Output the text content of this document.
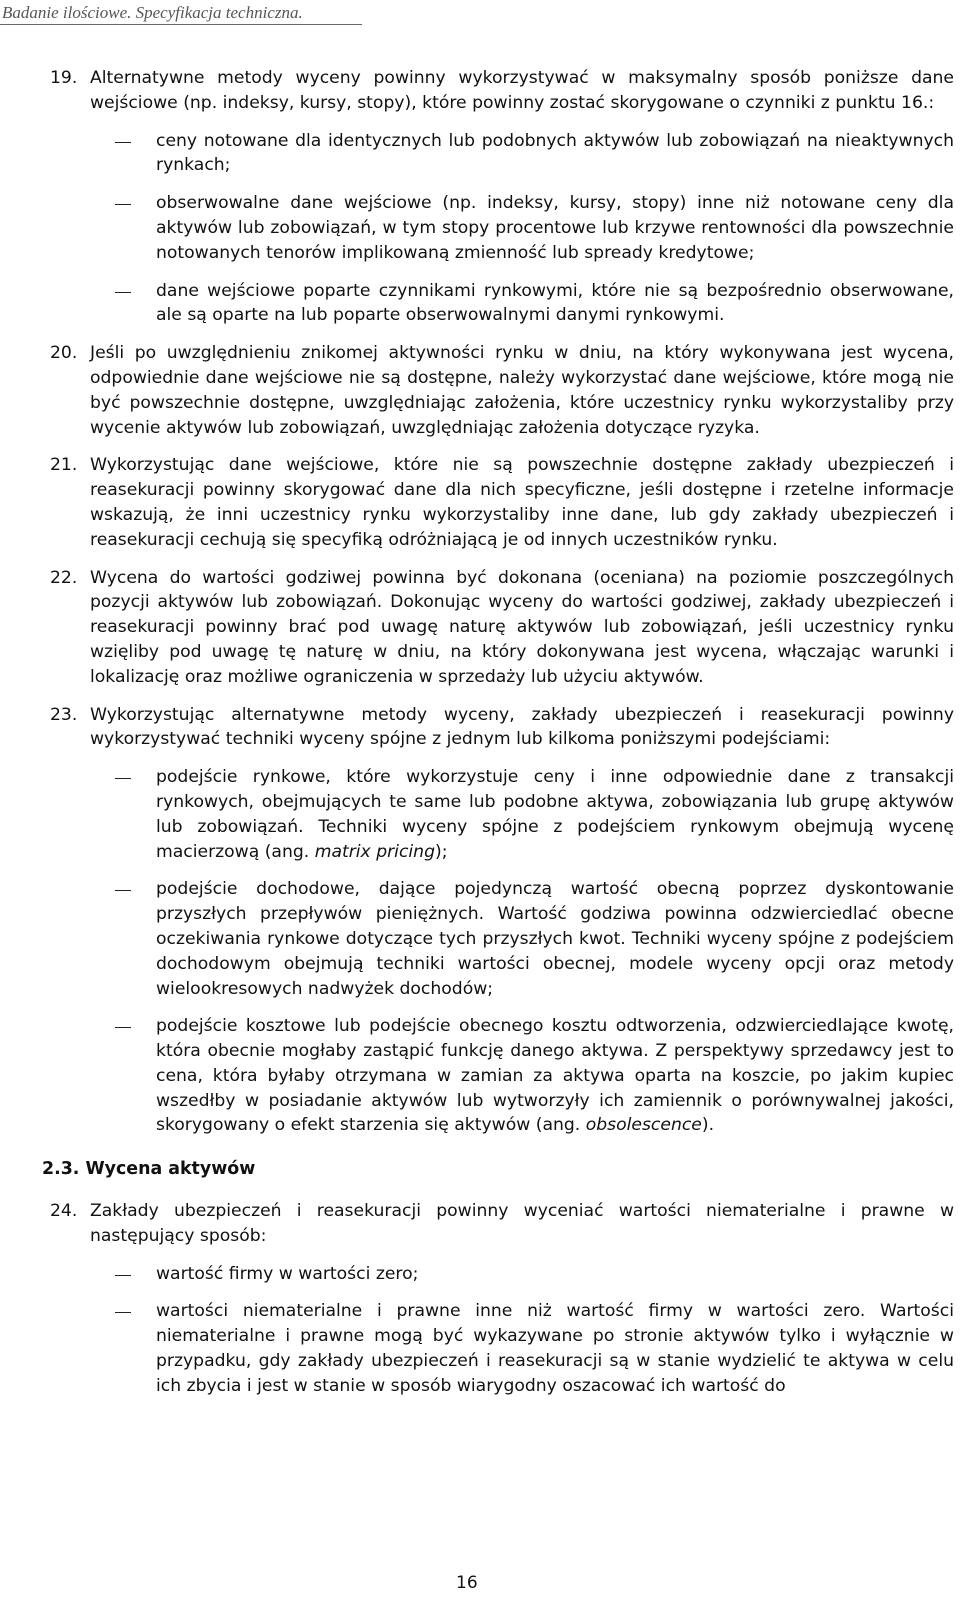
Badanie ilościowe. Specyfikacja techniczna.
19. Alternatywne metody wyceny powinny wykorzystywać w maksymalny sposób poniższe dane wejściowe (np. indeksy, kursy, stopy), które powinny zostać skorygowane o czynniki z punktu 16.:

ceny notowane dla identycznych lub podobnych aktywów lub zobowiązań na nieaktywnych rynkach;
obserwowalne dane wejściowe (np. indeksy, kursy, stopy) inne niż notowane ceny dla aktywów lub zobowiązań, w tym stopy procentowe lub krzywe rentowności dla powszechnie notowanych tenorów implikowaną zmienność lub spready kredytowe;
dane wejściowe poparte czynnikami rynkowymi, które nie są bezpośrednio obserwowane, ale są oparte na lub poparte obserwowalnymi danymi rynkowymi.
20. Jeśli po uwzględnieniu znikomej aktywności rynku w dniu, na który wykonywana jest wycena, odpowiednie dane wejściowe nie są dostępne, należy wykorzystać dane wejściowe, które mogą nie być powszechnie dostępne, uwzględniając założenia, które uczestnicy rynku wykorzystaliby przy wycenie aktywów lub zobowiązań, uwzględniając założenia dotyczące ryzyka.

21. Wykorzystując dane wejściowe, które nie są powszechnie dostępne zakłady ubezpieczeń i reasekuracji powinny skorygować dane dla nich specyficzne, jeśli dostępne i rzetelne informacje wskazują, że inni uczestnicy rynku wykorzystaliby inne dane, lub gdy zakłady ubezpieczeń i reasekuracji cechują się specyfiką odróżniającą je od innych uczestników rynku.

22. Wycena do wartości godziwej powinna być dokonana (oceniana) na poziomie poszczególnych pozycji aktywów lub zobowiązań. Dokonując wyceny do wartości godziwej, zakłady ubezpieczeń i reasekuracji powinny brać pod uwagę naturę aktywów lub zobowiązań, jeśli uczestnicy rynku wzięliby pod uwagę tę naturę w dniu, na który dokonywana jest wycena, włączając warunki i lokalizację oraz możliwe ograniczenia w sprzedaży lub użyciu aktywów.

23. Wykorzystując alternatywne metody wyceny, zakłady ubezpieczeń i reasekuracji powinny wykorzystywać techniki wyceny spójne z jednym lub kilkoma poniższymi podejściami:

podejście rynkowe, które wykorzystuje ceny i inne odpowiednie dane z transakcji rynkowych, obejmujących te same lub podobne aktywa, zobowiązania lub grupę aktywów lub zobowiązań. Techniki wyceny spójne z podejściem rynkowym obejmują wycenę macierzową (ang. matrix pricing);
podejście dochodowe, dające pojedynczą wartość obecną poprzez dyskontowanie przyszłych przepływów pieniężnych. Wartość godziwa powinna odzwierciedlać obecne oczekiwania rynkowe dotyczące tych przyszłych kwot. Techniki wyceny spójne z podejściem dochodowym obejmują techniki wartości obecnej, modele wyceny opcji oraz metody wielookresowych nadwyżek dochodów;
podejście kosztowe lub podejście obecnego kosztu odtworzenia, odzwierciedlające kwotę, która obecnie mogłaby zastąpić funkcję danego aktywa. Z perspektywy sprzedawcy jest to cena, która byłaby otrzymana w zamian za aktywa oparta na koszcie, po jakim kupiec wszedłby w posiadanie aktywów lub wytworzyły ich zamiennik o porównywalnej jakości, skorygowany o efekt starzenia się aktywów (ang. obsolescence).
2.3. Wycena aktywów
24. Zakłady ubezpieczeń i reasekuracji powinny wyceniać wartości niematerialne i prawne w następujący sposób:

wartość firmy w wartości zero;
wartości niematerialne i prawne inne niż wartość firmy w wartości zero. Wartości niematerialne i prawne mogą być wykazywane po stronie aktywów tylko i wyłącznie w przypadku, gdy zakłady ubezpieczeń i reasekuracji są w stanie wydzielić te aktywa w celu ich zbycia i jest w stanie w sposób wiarygodny oszacować ich wartość do
16
